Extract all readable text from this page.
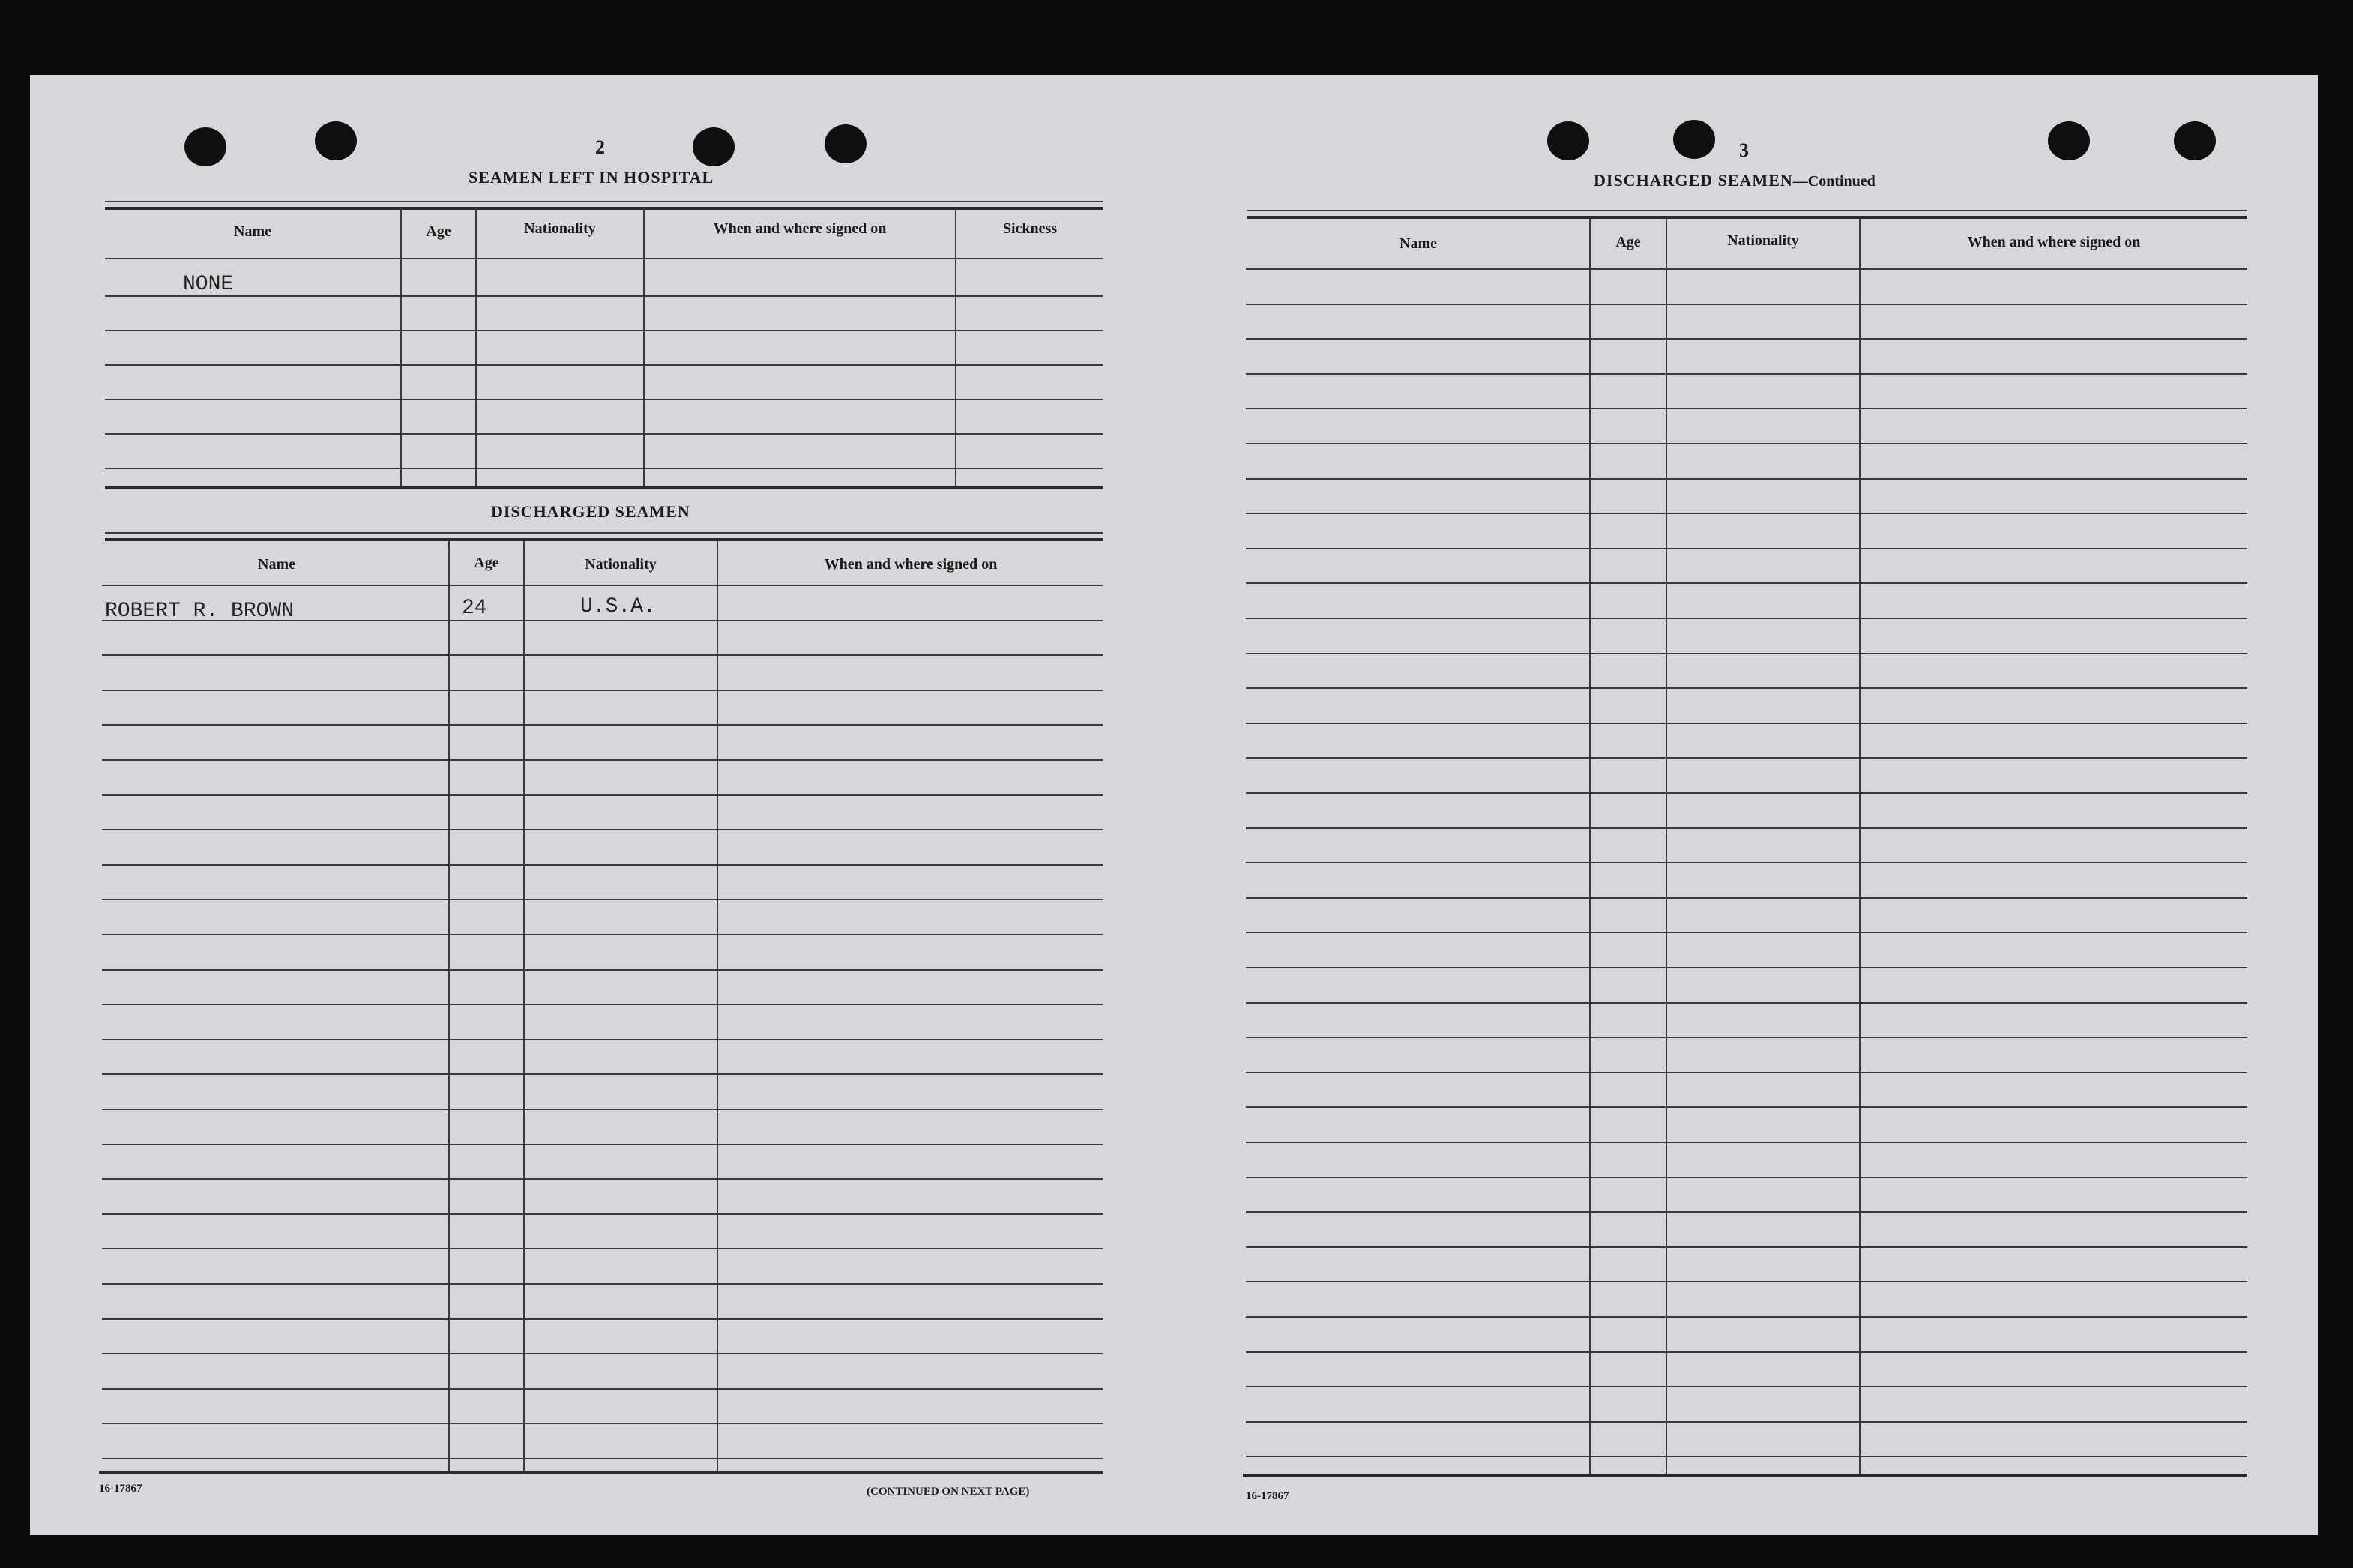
2
SEAMEN LEFT IN HOSPITAL
Name	Age	Nationality	When and where signed on	Sickness
NONE
DISCHARGED SEAMEN
Name	Age	Nationality	When and where signed on
ROBERT R. BROWN	24	U.S.A.
16-17867	(CONTINUED ON NEXT PAGE)
3
DISCHARGED SEAMEN—Continued
Name	Age	Nationality	When and where signed on
16-17867
